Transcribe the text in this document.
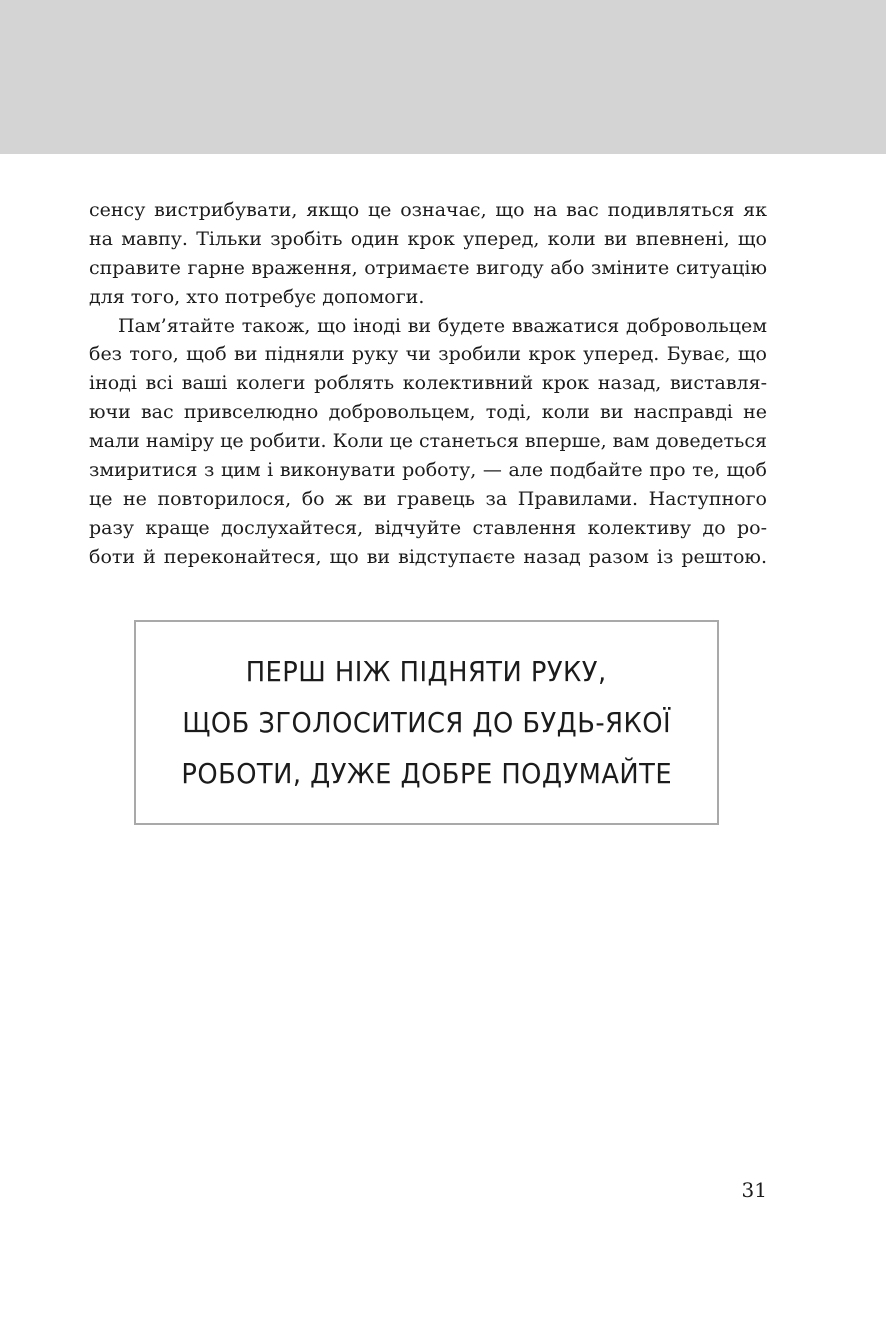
сенсу вистрибувати, якщо це означає, що на вас подивляться як
на мавпу. Тільки зробіть один крок уперед, коли ви впевнені, що
справите гарне враження, отримаєте вигоду або зміните ситуацію
для того, хто потребує допомоги.
Пам’ятайте також, що іноді ви будете вважатися добровольцем
без того, щоб ви підняли руку чи зробили крок уперед. Буває, що
іноді всі ваші колеги роблять колективний крок назад, виставля-
ючи вас привселюдно добровольцем, тоді, коли ви насправді не
мали наміру це робити. Коли це станеться вперше, вам доведеться
змиритися з цим і виконувати роботу, — але подбайте про те, щоб
це не повторилося, бо ж ви гравець за Правилами. Наступного
разу краще дослухайтеся, відчуйте ставлення колективу до ро-
боти й переконайтеся, що ви відступаєте назад разом із рештою.
ПЕРШ НІЖ ПІДНЯТИ РУКУ,
ЩОБ ЗГОЛОСИТИСЯ ДО БУДЬ-ЯКОЇ
РОБОТИ, ДУЖЕ ДОБРЕ ПОДУМАЙТЕ
31
